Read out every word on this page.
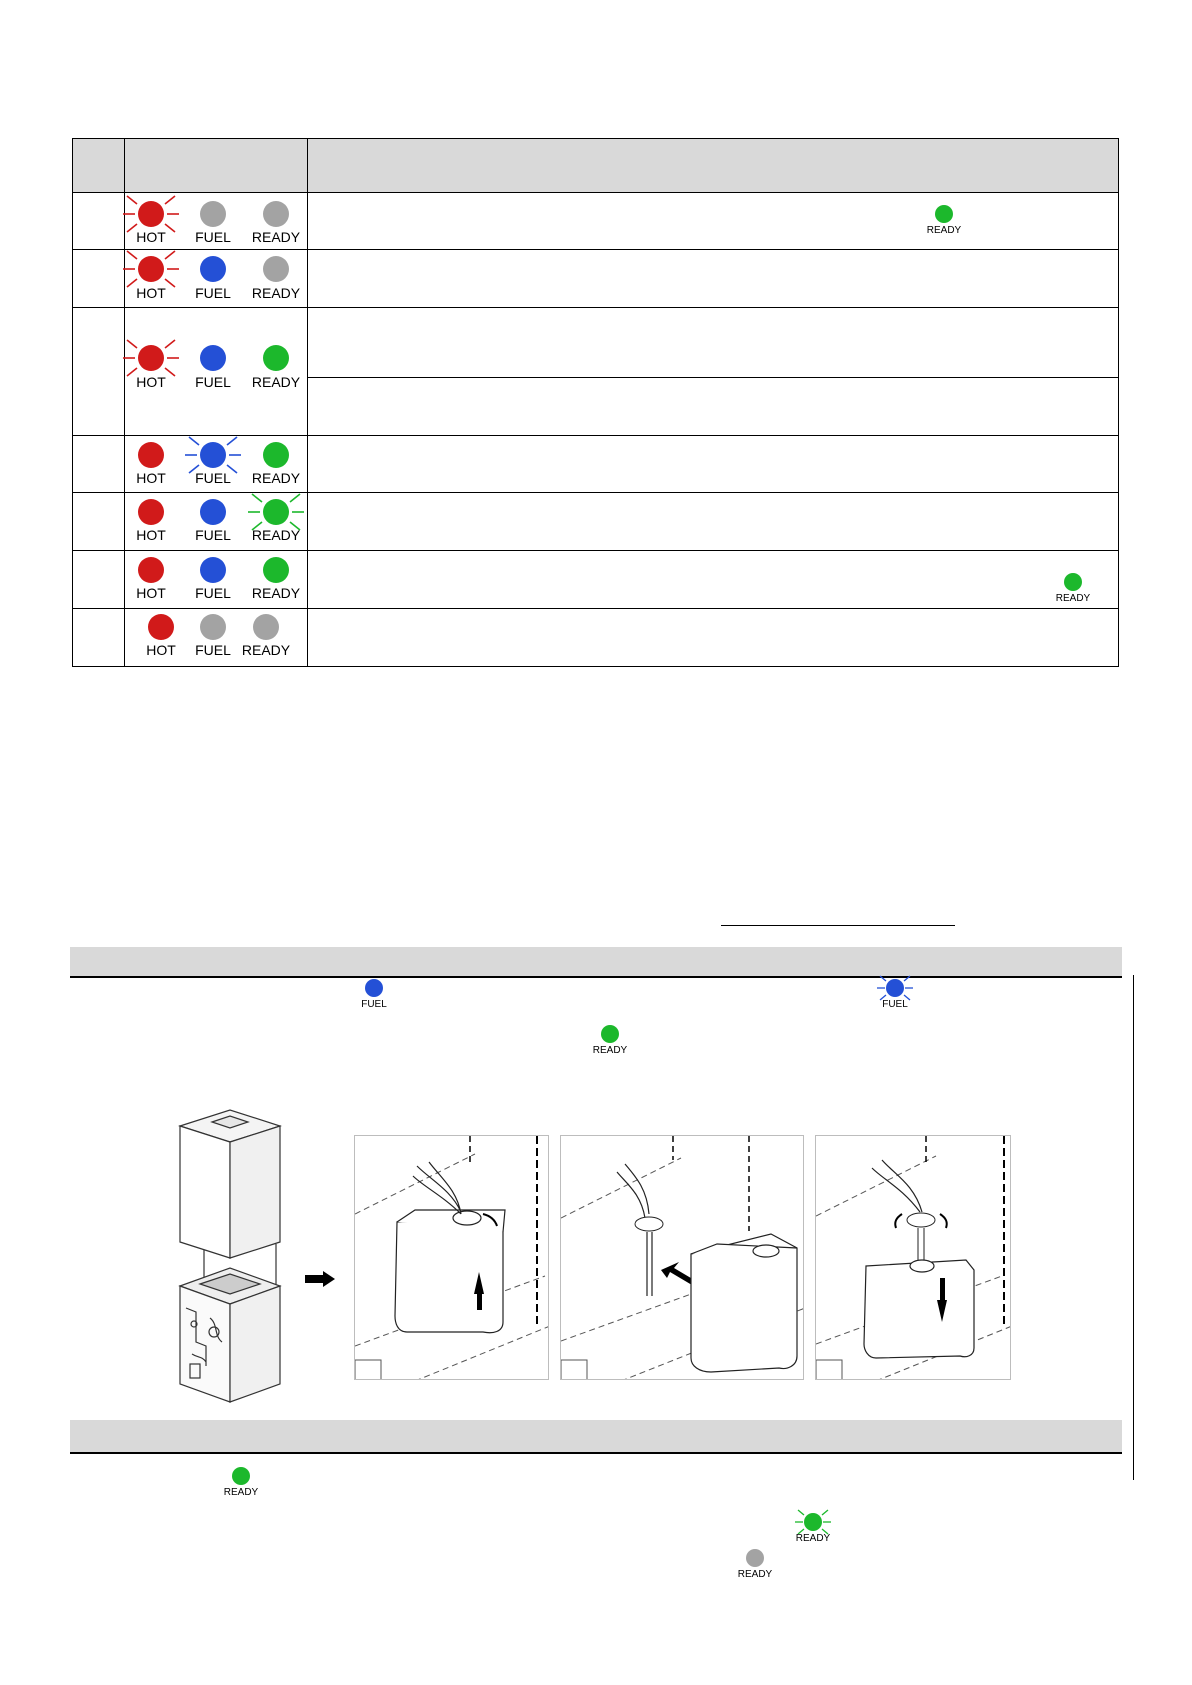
HOT FUEL READY	READY
HOT FUEL READY
HOT FUEL READY
HOT FUEL READY
HOT FUEL READY
HOT FUEL READY	READY
HOT FUEL READY
FUEL	FUEL
READY
READY
READY
READY
